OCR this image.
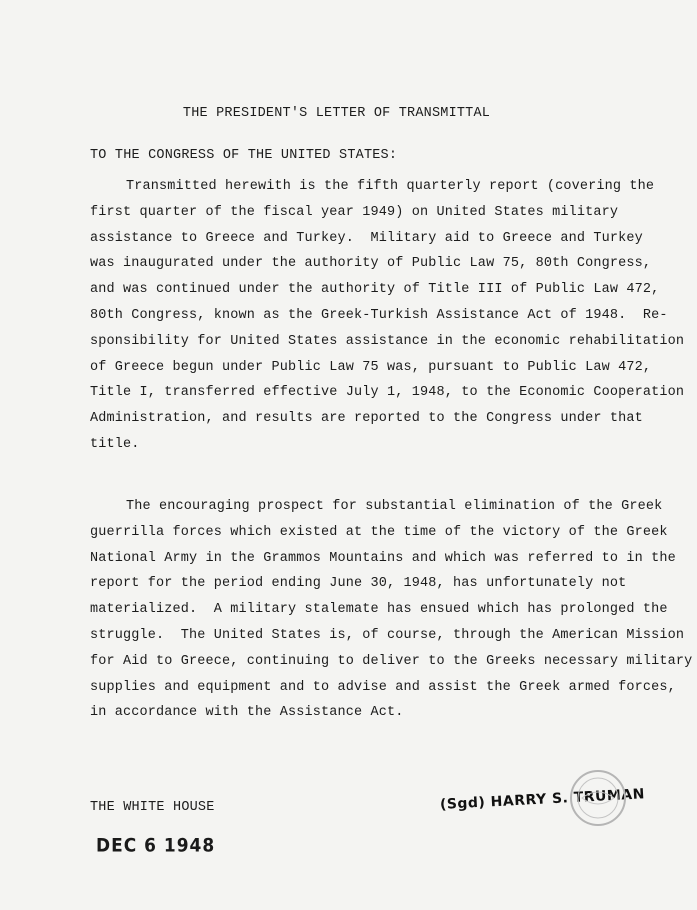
THE PRESIDENT'S LETTER OF TRANSMITTAL
TO THE CONGRESS OF THE UNITED STATES:
Transmitted herewith is the fifth quarterly report (covering the
first quarter of the fiscal year 1949) on United States military
assistance to Greece and Turkey.  Military aid to Greece and Turkey
was inaugurated under the authority of Public Law 75, 80th Congress,
and was continued under the authority of Title III of Public Law 472,
80th Congress, known as the Greek-Turkish Assistance Act of 1948.  Re-
sponsibility for United States assistance in the economic rehabilitation
of Greece begun under Public Law 75 was, pursuant to Public Law 472,
Title I, transferred effective July 1, 1948, to the Economic Cooperation
Administration, and results are reported to the Congress under that
title.
The encouraging prospect for substantial elimination of the Greek
guerrilla forces which existed at the time of the victory of the Greek
National Army in the Grammos Mountains and which was referred to in the
report for the period ending June 30, 1948, has unfortunately not
materialized.  A military stalemate has ensued which has prolonged the
struggle.  The United States is, of course, through the American Mission
for Aid to Greece, continuing to deliver to the Greeks necessary military
supplies and equipment and to advise and assist the Greek armed forces,
in accordance with the Assistance Act.
THE WHITE HOUSE	(Sgd) HARRY S. TRUMAN
DEC 6 1948
